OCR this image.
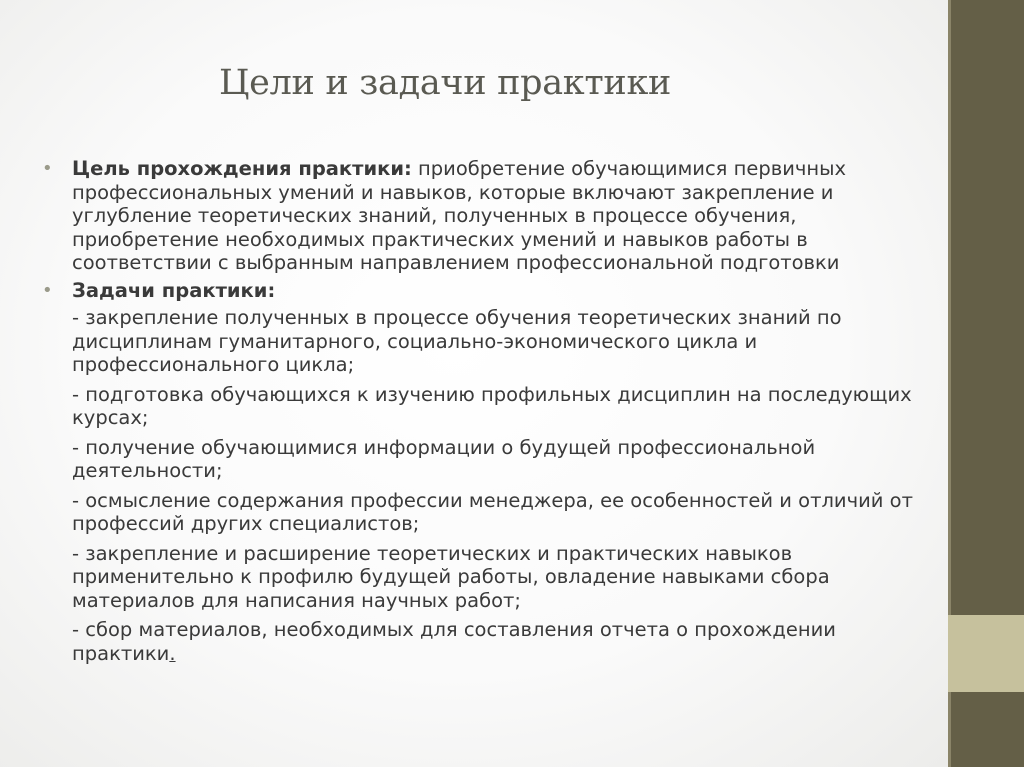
Цели и задачи практики
• Цель прохождения практики: приобретение обучающимися первичных профессиональных умений и навыков, которые включают закрепление и углубление теоретических знаний, полученных в процессе обучения, приобретение необходимых практических умений и навыков работы в соответствии с выбранным направлением профессиональной подготовки
• Задачи практики:
- закрепление полученных в процессе обучения теоретических знаний по дисциплинам гуманитарного, социально-экономического цикла и профессионального цикла;
- подготовка обучающихся к изучению профильных дисциплин на последующих курсах;
- получение обучающимися информации о будущей профессиональной деятельности;
- осмысление содержания профессии менеджера, ее особенностей и отличий от профессий других специалистов;
- закрепление и расширение теоретических и практических навыков применительно к профилю будущей работы, овладение навыками сбора материалов для написания научных работ;
- сбор материалов, необходимых для составления отчета о прохождении практики.
